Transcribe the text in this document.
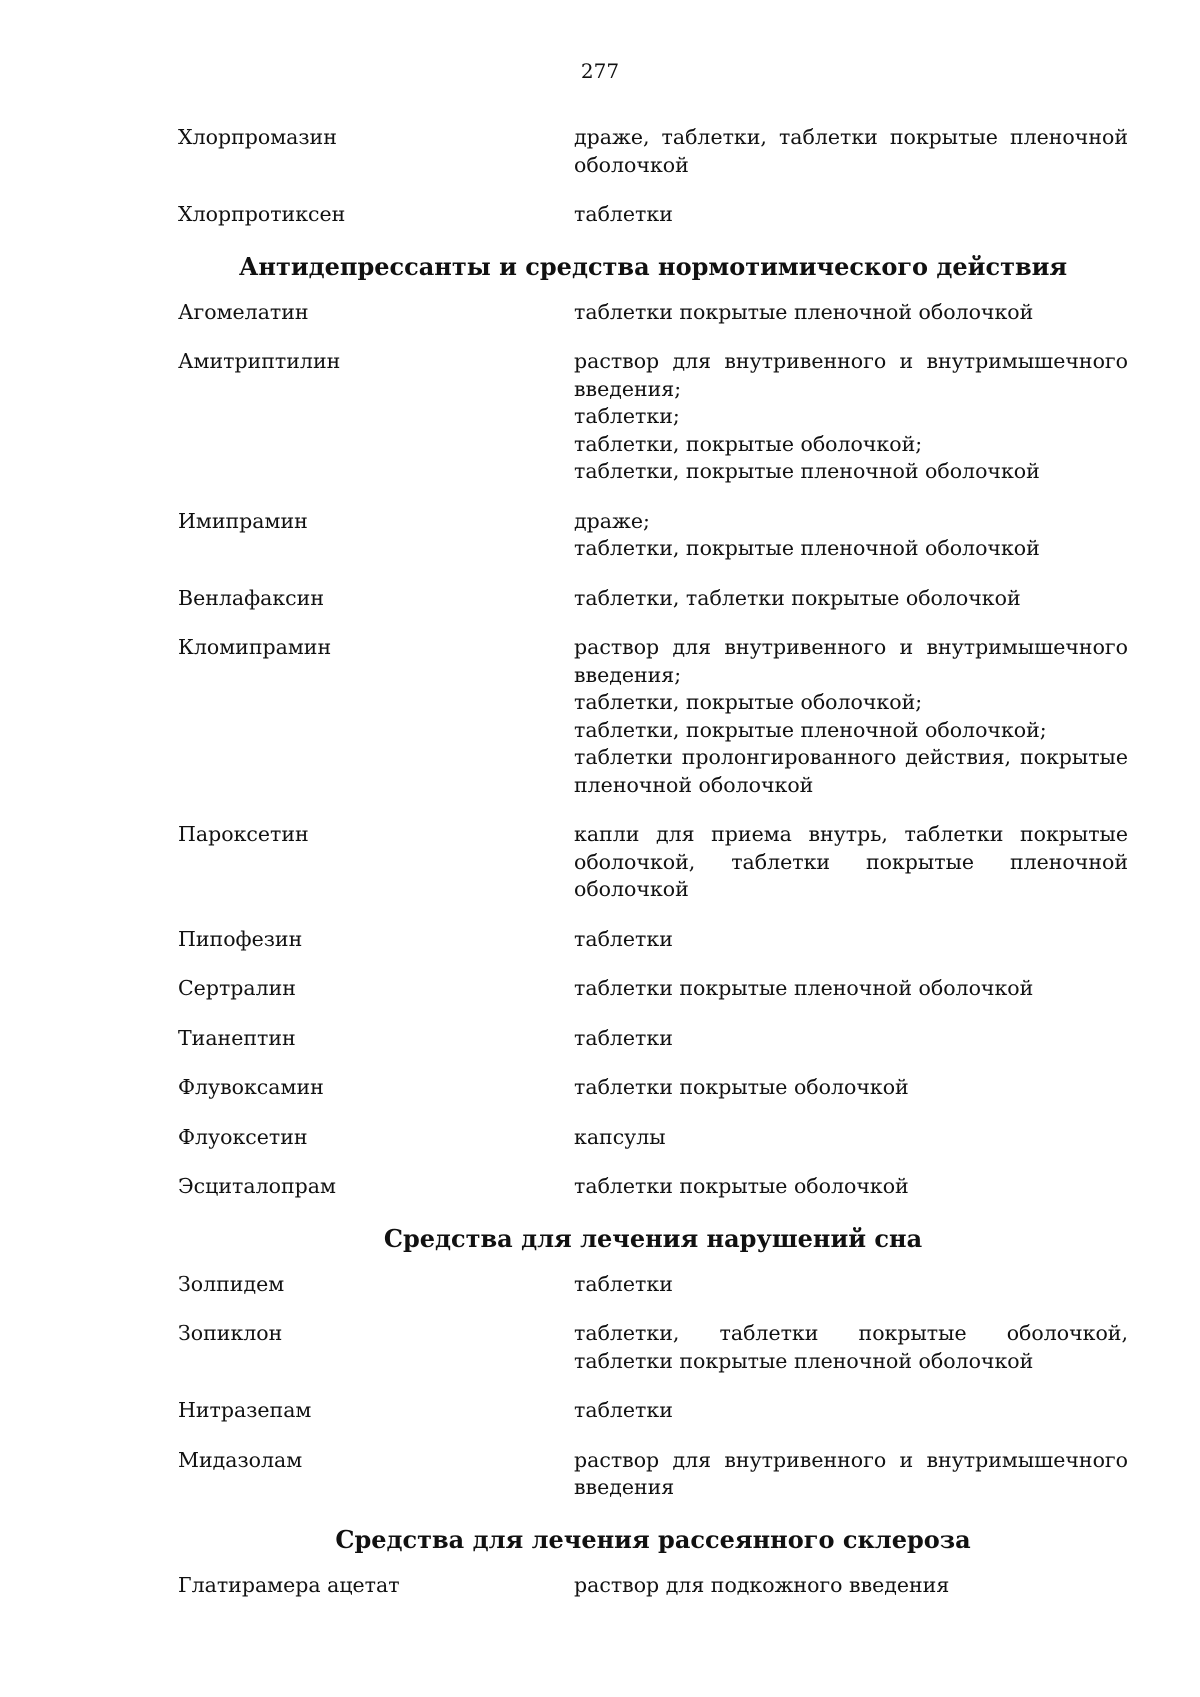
277
Хлорпромазин	драже, таблетки, таблетки покрытые пленочной оболочкой
Хлорпротиксен	таблетки
Антидепрессанты и средства нормотимического действия
Агомелатин	таблетки покрытые пленочной оболочкой
Амитриптилин	раствор для внутривенного и внутримышечного введения;
таблетки;
таблетки, покрытые оболочкой;
таблетки, покрытые пленочной оболочкой
Имипрамин	драже;
таблетки, покрытые пленочной оболочкой
Венлафаксин	таблетки, таблетки покрытые оболочкой
Кломипрамин	раствор для внутривенного и внутримышечного введения;
таблетки, покрытые оболочкой;
таблетки, покрытые пленочной оболочкой;
таблетки пролонгированного действия, покрытые пленочной оболочкой
Пароксетин	капли для приема внутрь, таблетки покрытые оболочкой, таблетки покрытые пленочной оболочкой
Пипофезин	таблетки
Сертралин	таблетки покрытые пленочной оболочкой
Тианептин	таблетки
Флувоксамин	таблетки покрытые оболочкой
Флуоксетин	капсулы
Эсциталопрам	таблетки покрытые оболочкой
Средства для лечения нарушений сна
Золпидем	таблетки
Зопиклон	таблетки, таблетки покрытые оболочкой, таблетки покрытые пленочной оболочкой
Нитразепам	таблетки
Мидазолам	раствор для внутривенного и внутримышечного введения
Средства для лечения рассеянного склероза
Глатирамера ацетат	раствор для подкожного введения
